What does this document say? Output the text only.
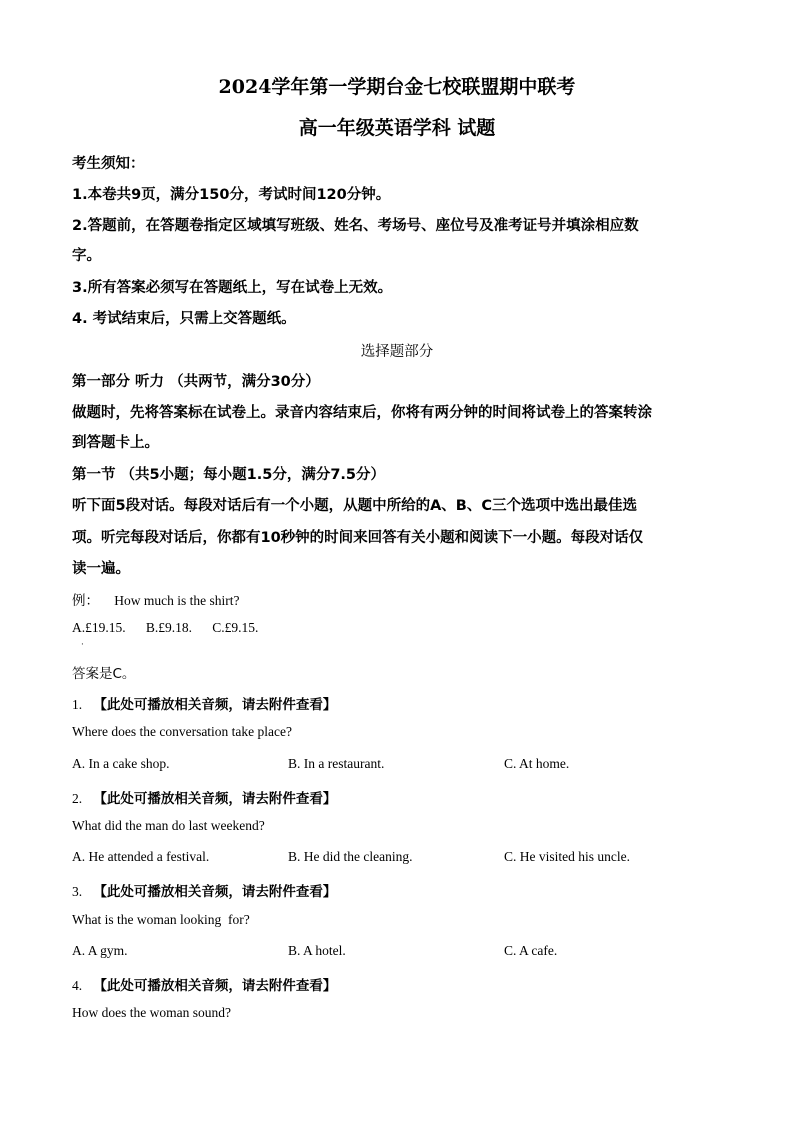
2024学年第一学期台金七校联盟期中联考
高一年级英语学科 试题
考生须知：
1.本卷共9页，满分150分，考试时间120分钟。
2.答题前，在答题卷指定区域填写班级、姓名、考场号、座位号及准考证号并填涂相应数
字。
3.所有答案必须写在答题纸上，写在试卷上无效。
4. 考试结束后，只需上交答题纸。
选择题部分
第一部分 听力 （共两节，满分30分）
做题时，先将答案标在试卷上。录音内容结束后，你将有两分钟的时间将试卷上的答案转涂
到答题卡上。
第一节 （共5小题；每小题1.5分，满分7.5分）
听下面5段对话。每段对话后有一个小题，从题中所给的A、B、C三个选项中选出最佳选
项。听完每段对话后，你都有10秒钟的时间来回答有关小题和阅读下一小题。每段对话仅
读一遍。
例： How much is the shirt?
A.£19.15.      B.£9.18.      C.£9.15.
·
答案是C。
1. 【此处可播放相关音频，请去附件查看】
Where does the conversation take place?
A. In a cake shop.	B. In a restaurant.	C. At home.
2. 【此处可播放相关音频，请去附件查看】
What did the man do last weekend?
A. He attended a festival.	B. He did the cleaning.	C. He visited his uncle.
3. 【此处可播放相关音频，请去附件查看】
What is the woman looking  for?
A. A gym.	B. A hotel.	C. A cafe.
4. 【此处可播放相关音频，请去附件查看】
How does the woman sound?
